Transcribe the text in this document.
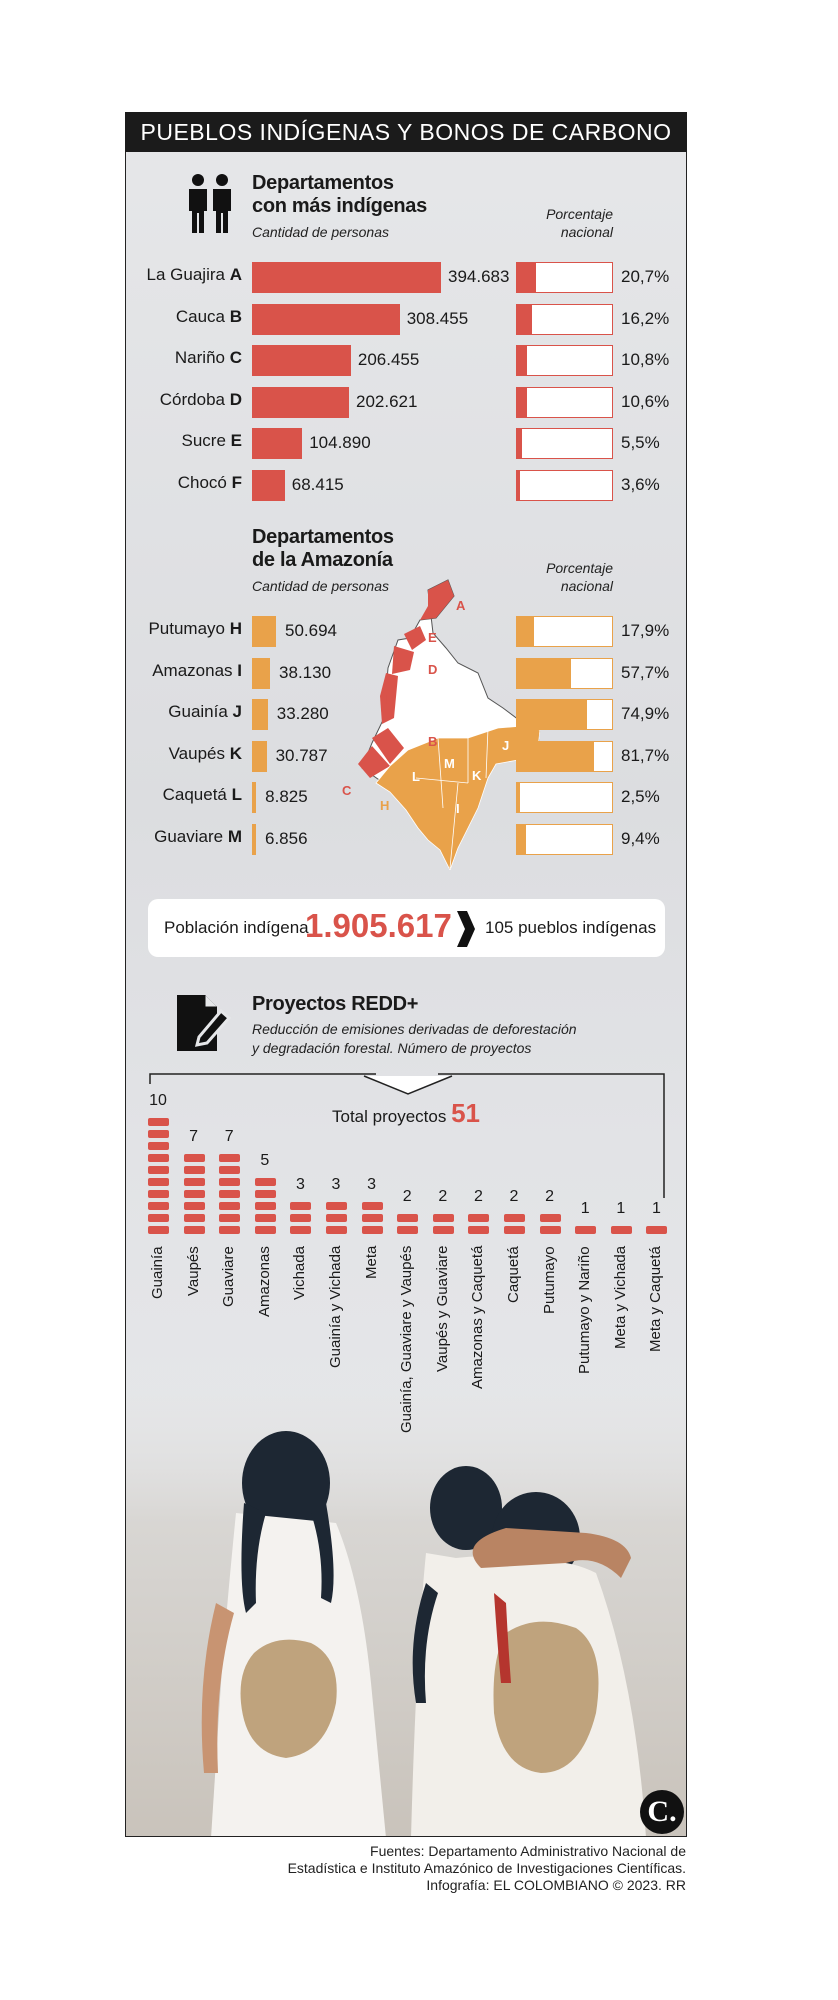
PUEBLOS INDÍGENAS Y BONOS DE CARBONO
Departamentos
con más indígenas
Cantidad de personas
Porcentaje
nacional
La Guajira A	394.683	20,7%
Cauca B	308.455	16,2%
Nariño C	206.455	10,8%
Córdoba D	202.621	10,6%
Sucre E	104.890	5,5%
Chocó F	68.415	3,6%
Departamentos
de la Amazonía
Cantidad de personas
Porcentaje
nacional
A
B
C
D
E
F
H	I
J
K
L
M
Putumayo H	50.694	17,9%
Amazonas I 38.130	57,7%
Guainía J 33.280	74,9%
Vaupés K 30.787	81,7%
Caquetá L 8.825	2,5%
Guaviare M 6.856	9,4%
Población indígena
1.905.617 105 pueblos indígenas
Proyectos REDD+
Reducción de emisiones derivadas de deforestación
y degradación forestal. Número de proyectos
Total proyectos 51
10
Guainía
7
Vaupés
7
Guaviare
5
Amazonas
3
Vichada
3
Guainía y Vichada
3
Meta
2
Guainía, Guaviare y Vaupés
2
Vaupés y Guaviare
2
Amazonas y Caquetá
2
Caquetá
2
Putumayo
1
Putumayo y Nariño
1
Meta y Vichada
1
Meta y Caquetá
C.
Fuentes: Departamento Administrativo Nacional de
Estadística e Instituto Amazónico de Investigaciones Científicas.
Infografía: EL COLOMBIANO © 2023. RR
